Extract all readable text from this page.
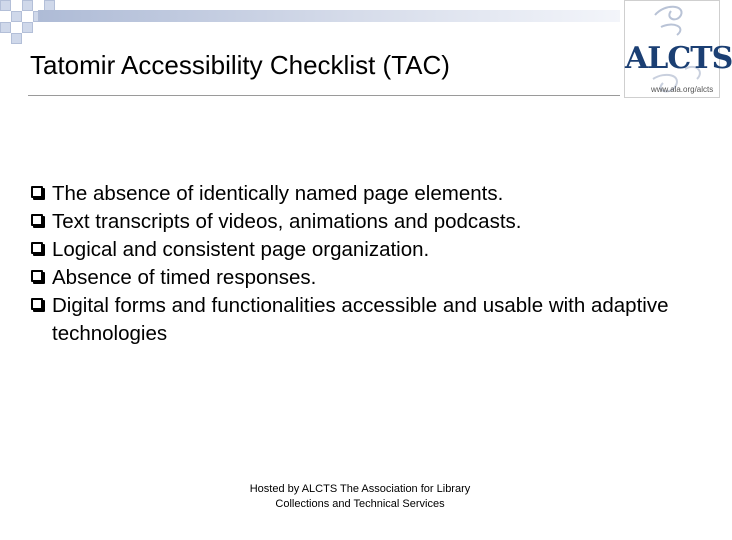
Tatomir Accessibility Checklist (TAC)	ALCTS
www.ala.org/alcts
The absence of identically named page elements.
Text transcripts of videos, animations and podcasts.
Logical and consistent page organization.
Absence of timed responses.
Digital forms and functionalities accessible and usable with adaptive technologies
Hosted by ALCTS The Association for Library Collections and Technical Services
